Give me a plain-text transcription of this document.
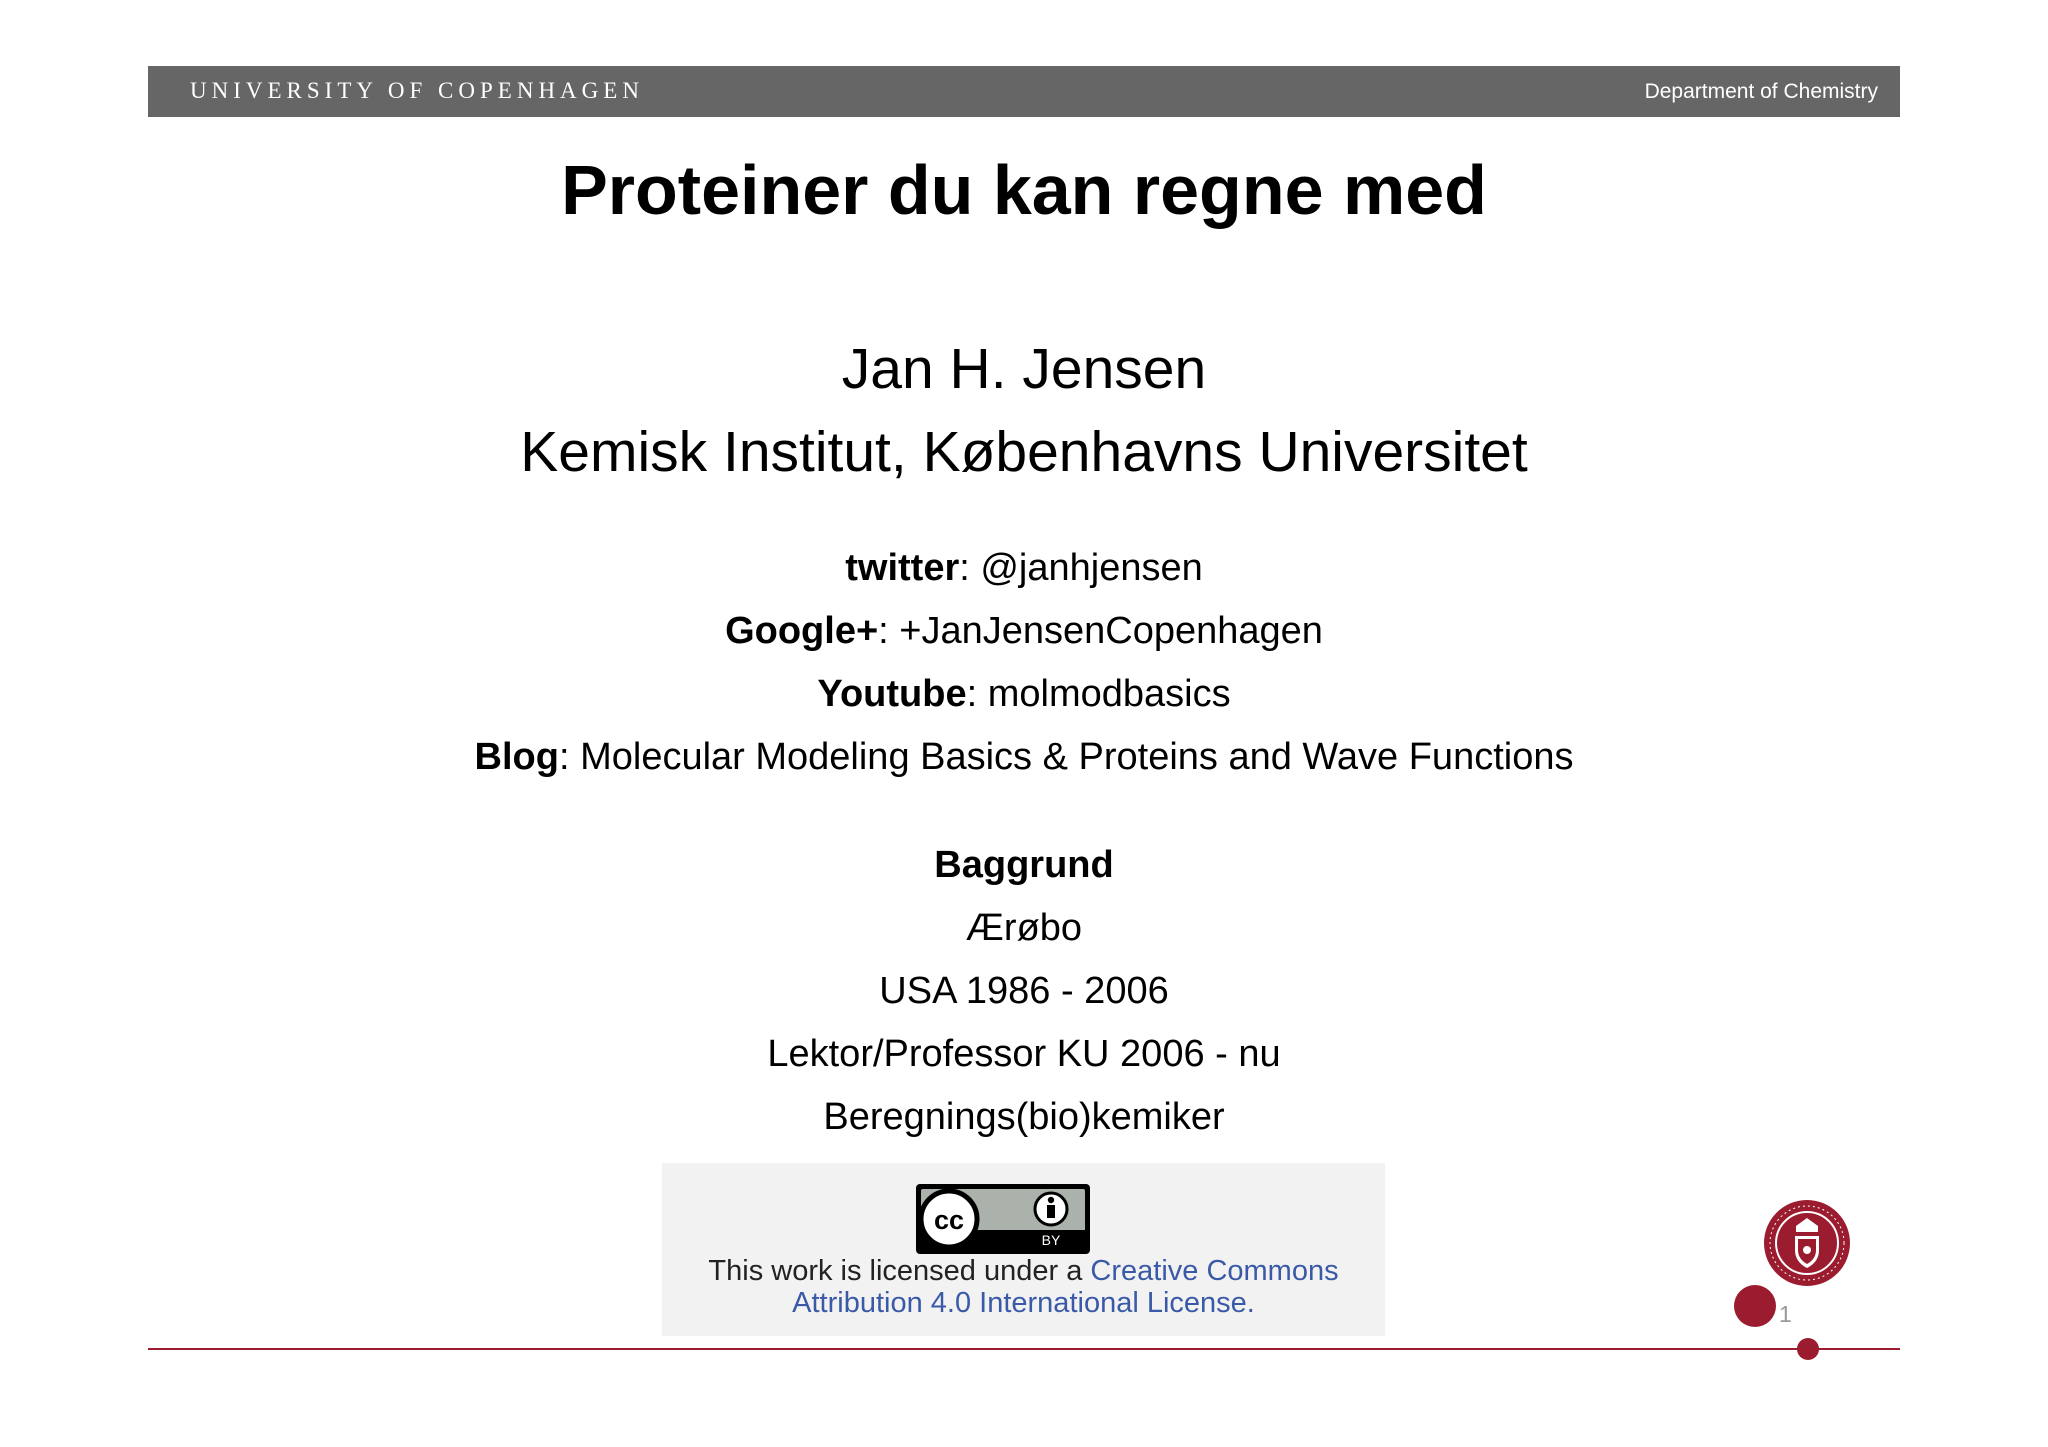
UNIVERSITY OF COPENHAGEN	Department of Chemistry
Proteiner du kan regne med
Jan H. Jensen
Kemisk Institut, Københavns Universitet
twitter: @janhjensen
Google+: +JanJensenCopenhagen
Youtube: molmodbasics
Blog: Molecular Modeling Basics & Proteins and Wave Functions
Baggrund
Ærøbo
USA 1986 - 2006
Lektor/Professor KU 2006 - nu
Beregnings(bio)kemiker
cc
BY
This work is licensed under a Creative Commons
Attribution 4.0 International License.	1
